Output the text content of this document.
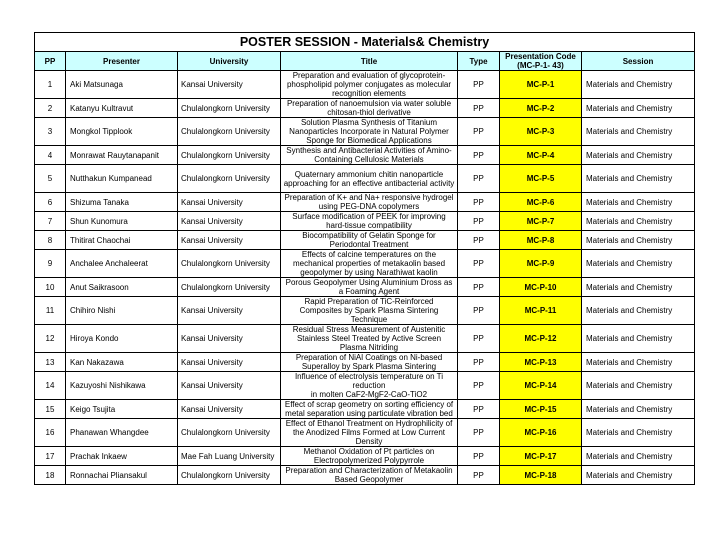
POSTER SESSION - Materials& Chemistry						
PP	Presenter	University	Title	Type	Presentation Code (MC-P-1- 43)	Session
1	Aki Matsunaga	Kansai University	Preparation and evaluation of glycoprotein-phospholipid polymer conjugates as molecular recognition elements	PP	MC-P-1	Materials and Chemistry
2	Katanyu Kultravut	Chulalongkorn University	Preparation of nanoemulsion via water soluble chitosan-thiol derivative	PP	MC-P-2	Materials and Chemistry
3	Mongkol Tipplook	Chulalongkorn University	Solution Plasma Synthesis of Titanium Nanoparticles Incorporate in Natural Polymer Sponge for Biomedical Applications	PP	MC-P-3	Materials and Chemistry
4	Monrawat Rauytanapanit	Chulalongkorn University	Synthesis and Antibacterial Activities of Amino-Containing Cellulosic Materials	PP	MC-P-4	Materials and Chemistry
5	Nutthakun Kumpanead	Chulalongkorn University	Quaternary ammonium chitin nanoparticle approaching for an effective antibacterial activity	PP	MC-P-5	Materials and Chemistry
6	Shizuma Tanaka	Kansai University	Preparation of K+ and Na+ responsive hydrogel using PEG-DNA copolymers	PP	MC-P-6	Materials and Chemistry
7	Shun Kunomura	Kansai University	Surface modification of PEEK for improving hard-tissue compatibility	PP	MC-P-7	Materials and Chemistry
8	Thitirat Chaochai	Kansai University	Biocompatibility of Gelatin Sponge for Periodontal Treatment	PP	MC-P-8	Materials and Chemistry
9	Anchalee Anchaleerat	Chulalongkorn University	Effects of calcine temperatures on the mechanical properties of metakaolin based geopolymer by using Narathiwat kaolin	PP	MC-P-9	Materials and Chemistry
10	Anut Saikrasoon	Chulalongkorn University	Porous Geopolymer Using Aluminium Dross as a Foaming Agent	PP	MC-P-10	Materials and Chemistry
11	Chihiro Nishi	Kansai University	Rapid Preparation of TiC-Reinforced Composites by Spark Plasma Sintering Technique	PP	MC-P-11	Materials and Chemistry
12	Hiroya Kondo	Kansai University	Residual Stress Measurement of Austenitic Stainless Steel Treated by Active Screen Plasma Nitriding	PP	MC-P-12	Materials and Chemistry
13	Kan Nakazawa	Kansai University	Preparation of NiAl Coatings on Ni-based Superalloy by Spark Plasma Sintering	PP	MC-P-13	Materials and Chemistry
14	Kazuyoshi Nishikawa	Kansai University	Influence of electrolysis temperature on Ti reduction
in molten CaF2-MgF2-CaO-TiO2	PP	MC-P-14	Materials and Chemistry
15	Keigo Tsujita	Kansai University	Effect of scrap geometry on sorting efficiency of metal separation using particulate vibration bed	PP	MC-P-15	Materials and Chemistry
16	Phanawan Whangdee	Chulalongkorn University	Effect of Ethanol Treatment on Hydrophilicity of the Anodized Films Formed at Low Current Density	PP	MC-P-16	Materials and Chemistry
17	Prachak Inkaew	Mae Fah Luang University	Methanol Oxidation of Pt particles on Electropolymerized Polypyrrole	PP	MC-P-17	Materials and Chemistry
18	Ronnachai Pliansakul	Chulalongkorn University	Preparation and Characterization of Metakaolin Based Geopolymer	PP	MC-P-18	Materials and Chemistry
